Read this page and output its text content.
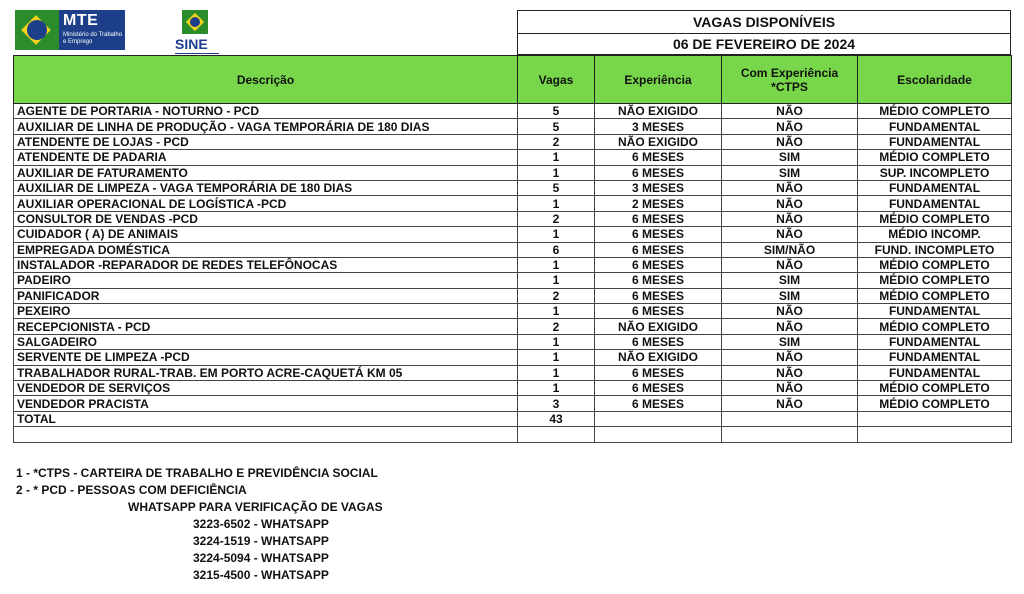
MTE
Ministério do Trabalho e Emprego	SINE
VAGAS DISPONÍVEIS
06 DE FEVEREIRO DE 2024
Descrição	Vagas	Experiência	Com Experiência *CTPS	Escolaridade
AGENTE DE PORTARIA - NOTURNO - PCD	5	NÃO EXIGIDO	NÃO	MÉDIO COMPLETO
AUXILIAR DE LINHA DE PRODUÇÃO - VAGA TEMPORÁRIA DE 180 DIAS	5	3 MESES	NÃO	FUNDAMENTAL
ATENDENTE DE LOJAS - PCD	2	NÃO EXIGIDO	NÃO	FUNDAMENTAL
ATENDENTE DE PADARIA	1	6 MESES	SIM	MÉDIO COMPLETO
AUXILIAR DE FATURAMENTO	1	6 MESES	SIM	SUP. INCOMPLETO
AUXILIAR DE LIMPEZA - VAGA TEMPORÁRIA DE 180 DIAS	5	3 MESES	NÃO	FUNDAMENTAL
AUXILIAR OPERACIONAL DE LOGÍSTICA -PCD	1	2 MESES	NÃO	FUNDAMENTAL
CONSULTOR DE VENDAS -PCD	2	6 MESES	NÃO	MÉDIO COMPLETO
CUIDADOR ( A) DE ANIMAIS	1	6 MESES	NÃO	MÉDIO INCOMP.
EMPREGADA DOMÉSTICA	6	6 MESES	SIM/NÃO	FUND. INCOMPLETO
INSTALADOR -REPARADOR DE REDES TELEFÔNOCAS	1	6 MESES	NÃO	MÉDIO COMPLETO
PADEIRO	1	6 MESES	SIM	MÉDIO COMPLETO
PANIFICADOR	2	6 MESES	SIM	MÉDIO COMPLETO
PEXEIRO	1	6 MESES	NÃO	FUNDAMENTAL
RECEPCIONISTA - PCD	2	NÃO EXIGIDO	NÃO	MÉDIO COMPLETO
SALGADEIRO	1	6 MESES	SIM	FUNDAMENTAL
SERVENTE DE LIMPEZA -PCD	1	NÃO EXIGIDO	NÃO	FUNDAMENTAL
TRABALHADOR RURAL-TRAB. EM PORTO ACRE-CAQUETÁ KM 05	1	6 MESES	NÃO	FUNDAMENTAL
VENDEDOR DE SERVIÇOS	1	6 MESES	NÃO	MÉDIO COMPLETO
VENDEDOR PRACISTA	3	6 MESES	NÃO	MÉDIO COMPLETO
TOTAL	43			

1 - *CTPS - CARTEIRA DE TRABALHO E PREVIDÊNCIA SOCIAL
2 - * PCD - PESSOAS COM DEFICIÊNCIA
WHATSAPP PARA VERIFICAÇÃO DE VAGAS
3223-6502 - WHATSAPP
3224-1519 - WHATSAPP
3224-5094 - WHATSAPP
3215-4500 - WHATSAPP
